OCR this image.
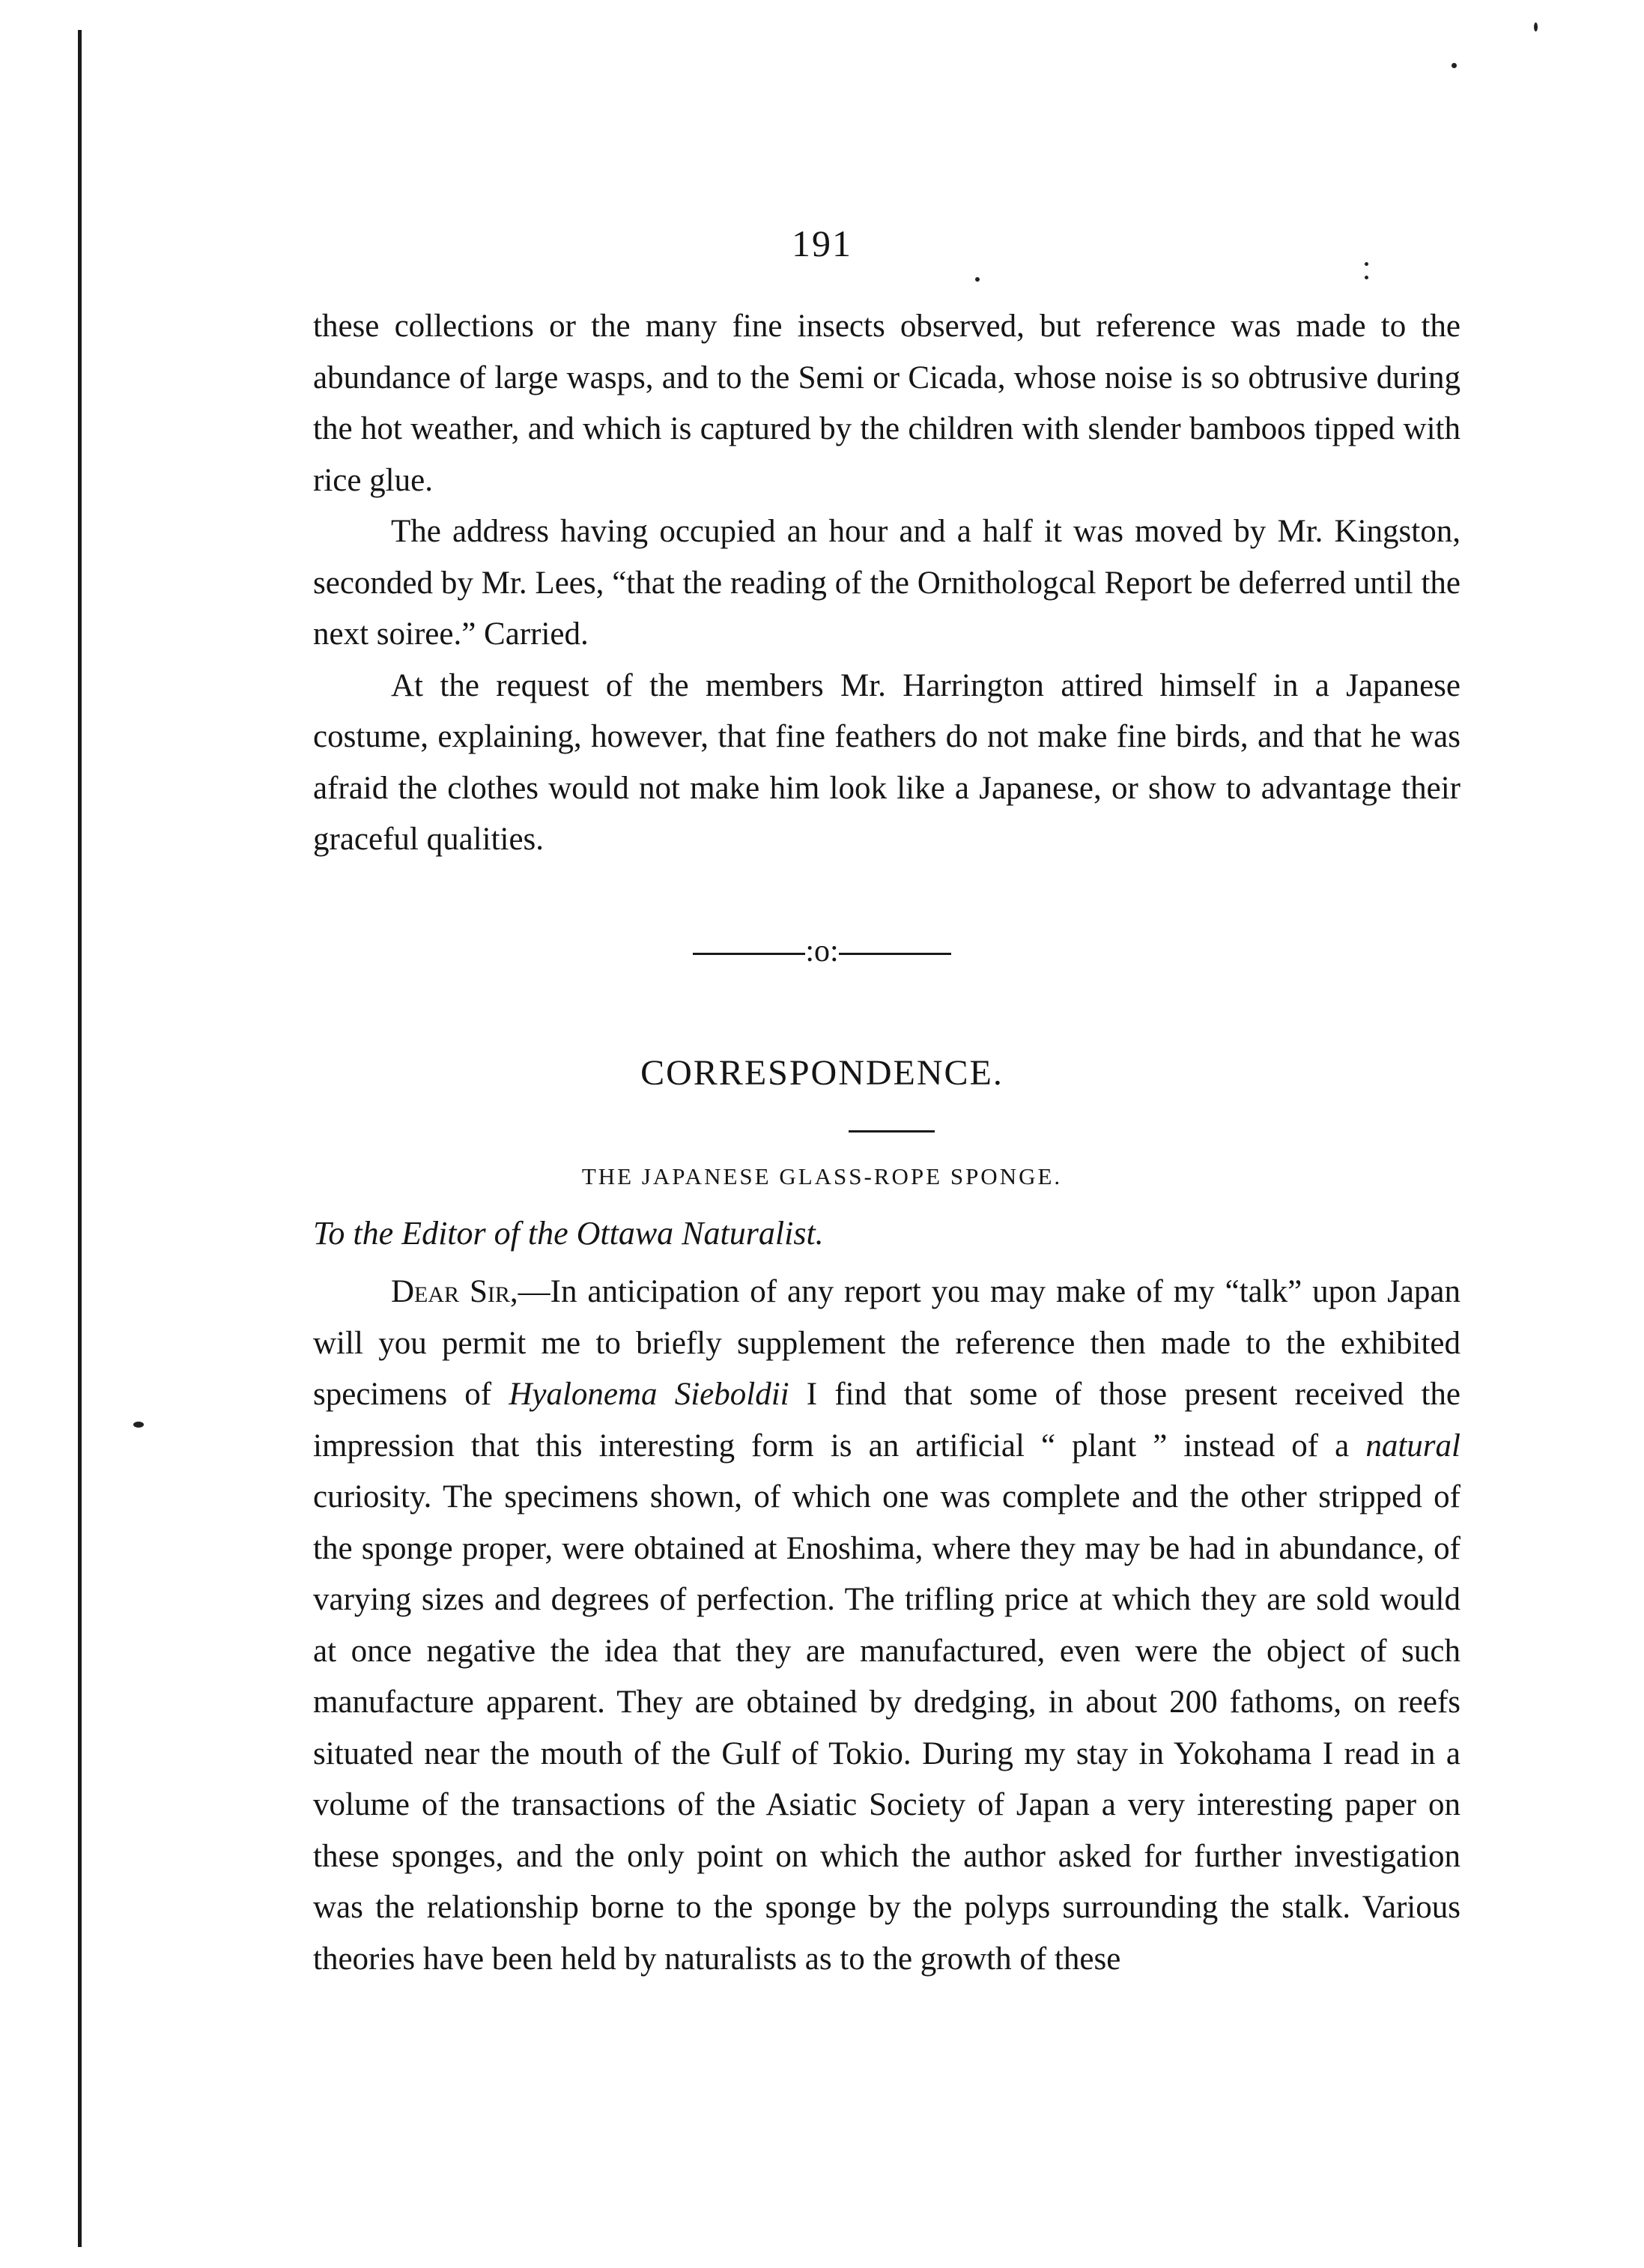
191

these collections or the many fine insects observed, but reference was made to the abundance of large wasps, and to the Semi or Cicada, whose noise is so obtrusive during the hot weather, and which is captured by the children with slender bamboos tipped with rice glue.

The address having occupied an hour and a half it was moved by Mr. Kingston, seconded by Mr. Lees, “that the reading of the Ornithologcal Report be deferred until the next soiree.” Carried.

At the request of the members Mr. Harrington attired himself in a Japanese costume, explaining, however, that fine feathers do not make fine birds, and that he was afraid the clothes would not make him look like a Japanese, or show to advantage their graceful qualities.

:o:
CORRESPONDENCE.
THE JAPANESE GLASS-ROPE SPONGE.
To the Editor of the Ottawa Naturalist.

Dear Sir,—In anticipation of any report you may make of my “talk” upon Japan will you permit me to briefly supplement the reference then made to the exhibited specimens of Hyalonema Sieboldii I find that some of those present received the impression that this interesting form is an artificial “ plant ” instead of a natural curiosity. The specimens shown, of which one was complete and the other stripped of the sponge proper, were obtained at Enoshima, where they may be had in abundance, of varying sizes and degrees of perfection. The trifling price at which they are sold would at once negative the idea that they are manufactured, even were the object of such manufacture apparent. They are obtained by dredging, in about 200 fathoms, on reefs situated near the mouth of the Gulf of Tokio. During my stay in Yokohama I read in a volume of the transactions of the Asiatic Society of Japan a very interesting paper on these sponges, and the only point on which the author asked for further investigation was the relationship borne to the sponge by the polyps surrounding the stalk. Various theories have been held by naturalists as to the growth of these
